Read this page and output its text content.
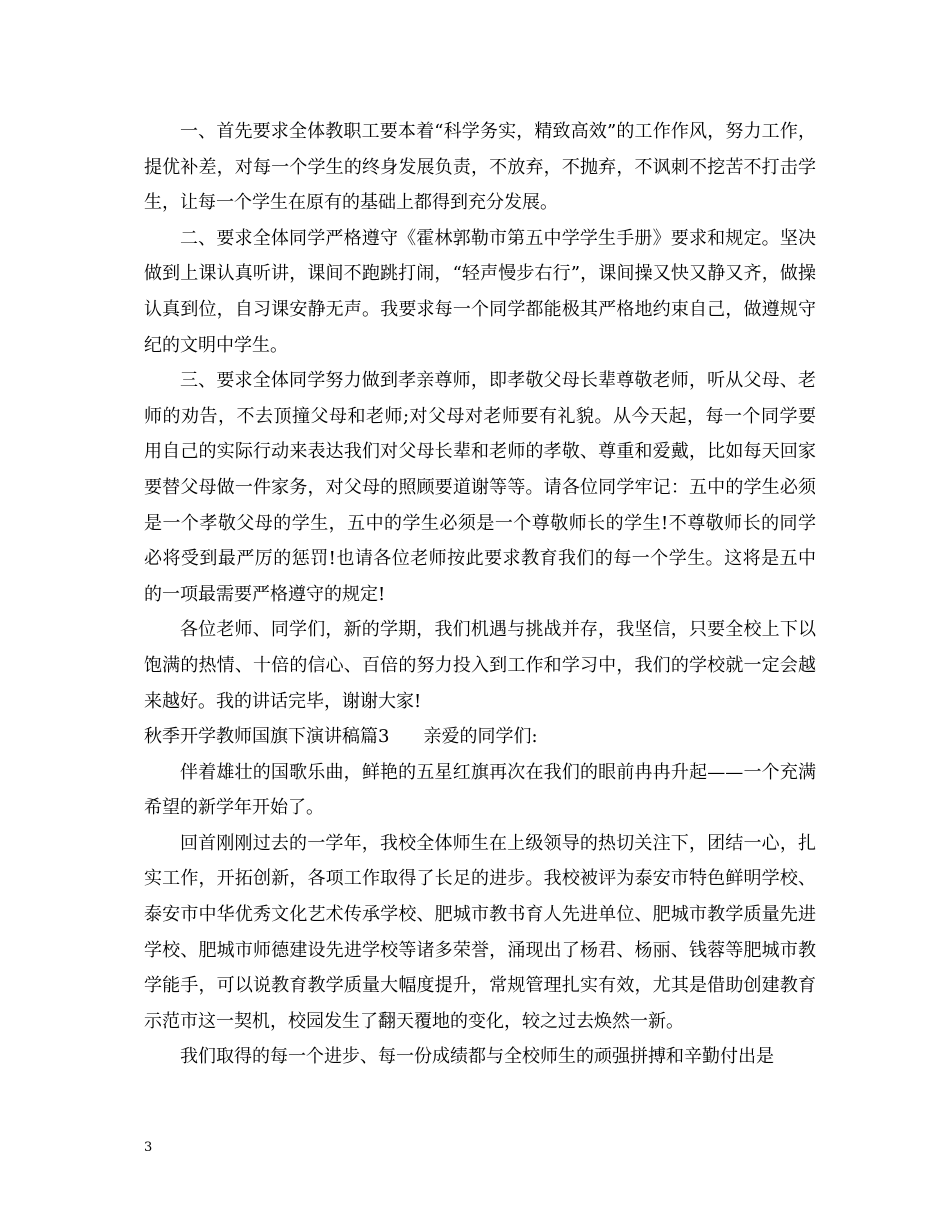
一、首先要求全体教职工要本着“科学务实，精致高效”的工作作风，努力工作，提优补差，对每一个学生的终身发展负责，不放弃，不抛弃，不讽刺不挖苦不打击学生，让每一个学生在原有的基础上都得到充分发展。

二、要求全体同学严格遵守《霍林郭勒市第五中学学生手册》要求和规定。坚决做到上课认真听讲，课间不跑跳打闹，“轻声慢步右行”，课间操又快又静又齐，做操认真到位，自习课安静无声。我要求每一个同学都能极其严格地约束自己，做遵规守纪的文明中学生。

三、要求全体同学努力做到孝亲尊师，即孝敬父母长辈尊敬老师，听从父母、老师的劝告，不去顶撞父母和老师;对父母对老师要有礼貌。从今天起，每一个同学要用自己的实际行动来表达我们对父母长辈和老师的孝敬、尊重和爱戴，比如每天回家要替父母做一件家务，对父母的照顾要道谢等等。请各位同学牢记：五中的学生必须是一个孝敬父母的学生，五中的学生必须是一个尊敬师长的学生!不尊敬师长的同学必将受到最严厉的惩罚!也请各位老师按此要求教育我们的每一个学生。这将是五中的一项最需要严格遵守的规定!

各位老师、同学们，新的学期，我们机遇与挑战并存，我坚信，只要全校上下以饱满的热情、十倍的信心、百倍的努力投入到工作和学习中，我们的学校就一定会越来越好。我的讲话完毕，谢谢大家!

秋季开学教师国旗下演讲稿篇3 亲爱的同学们:

伴着雄壮的国歌乐曲，鲜艳的五星红旗再次在我们的眼前冉冉升起——一个充满希望的新学年开始了。

回首刚刚过去的一学年，我校全体师生在上级领导的热切关注下，团结一心，扎实工作，开拓创新，各项工作取得了长足的进步。我校被评为泰安市特色鲜明学校、泰安市中华优秀文化艺术传承学校、肥城市教书育人先进单位、肥城市教学质量先进学校、肥城市师德建设先进学校等诸多荣誉，涌现出了杨君、杨丽、钱蓉等肥城市教学能手，可以说教育教学质量大幅度提升，常规管理扎实有效，尤其是借助创建教育示范市这一契机，校园发生了翻天覆地的变化，较之过去焕然一新。

我们取得的每一个进步、每一份成绩都与全校师生的顽强拼搏和辛勤付出是

3
